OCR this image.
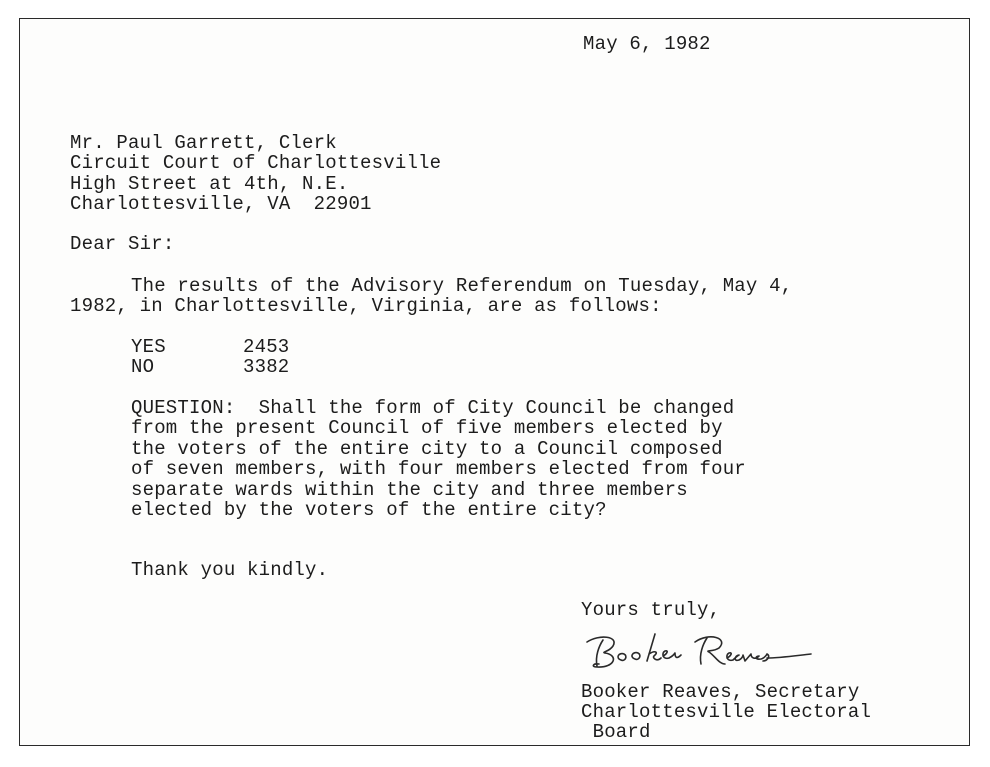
May 6, 1982
Mr. Paul Garrett, Clerk
Circuit Court of Charlottesville
High Street at 4th, N.E.
Charlottesville, VA  22901
Dear Sir:
The results of the Advisory Referendum on Tuesday, May 4,
1982, in Charlottesville, Virginia, are as follows:
YES	2453
NO	3382
QUESTION:  Shall the form of City Council be changed
from the present Council of five members elected by
the voters of the entire city to a Council composed
of seven members, with four members elected from four
separate wards within the city and three members
elected by the voters of the entire city?
Thank you kindly.
Yours truly,
Booker Reaves, Secretary
Charlottesville Electoral
Board
